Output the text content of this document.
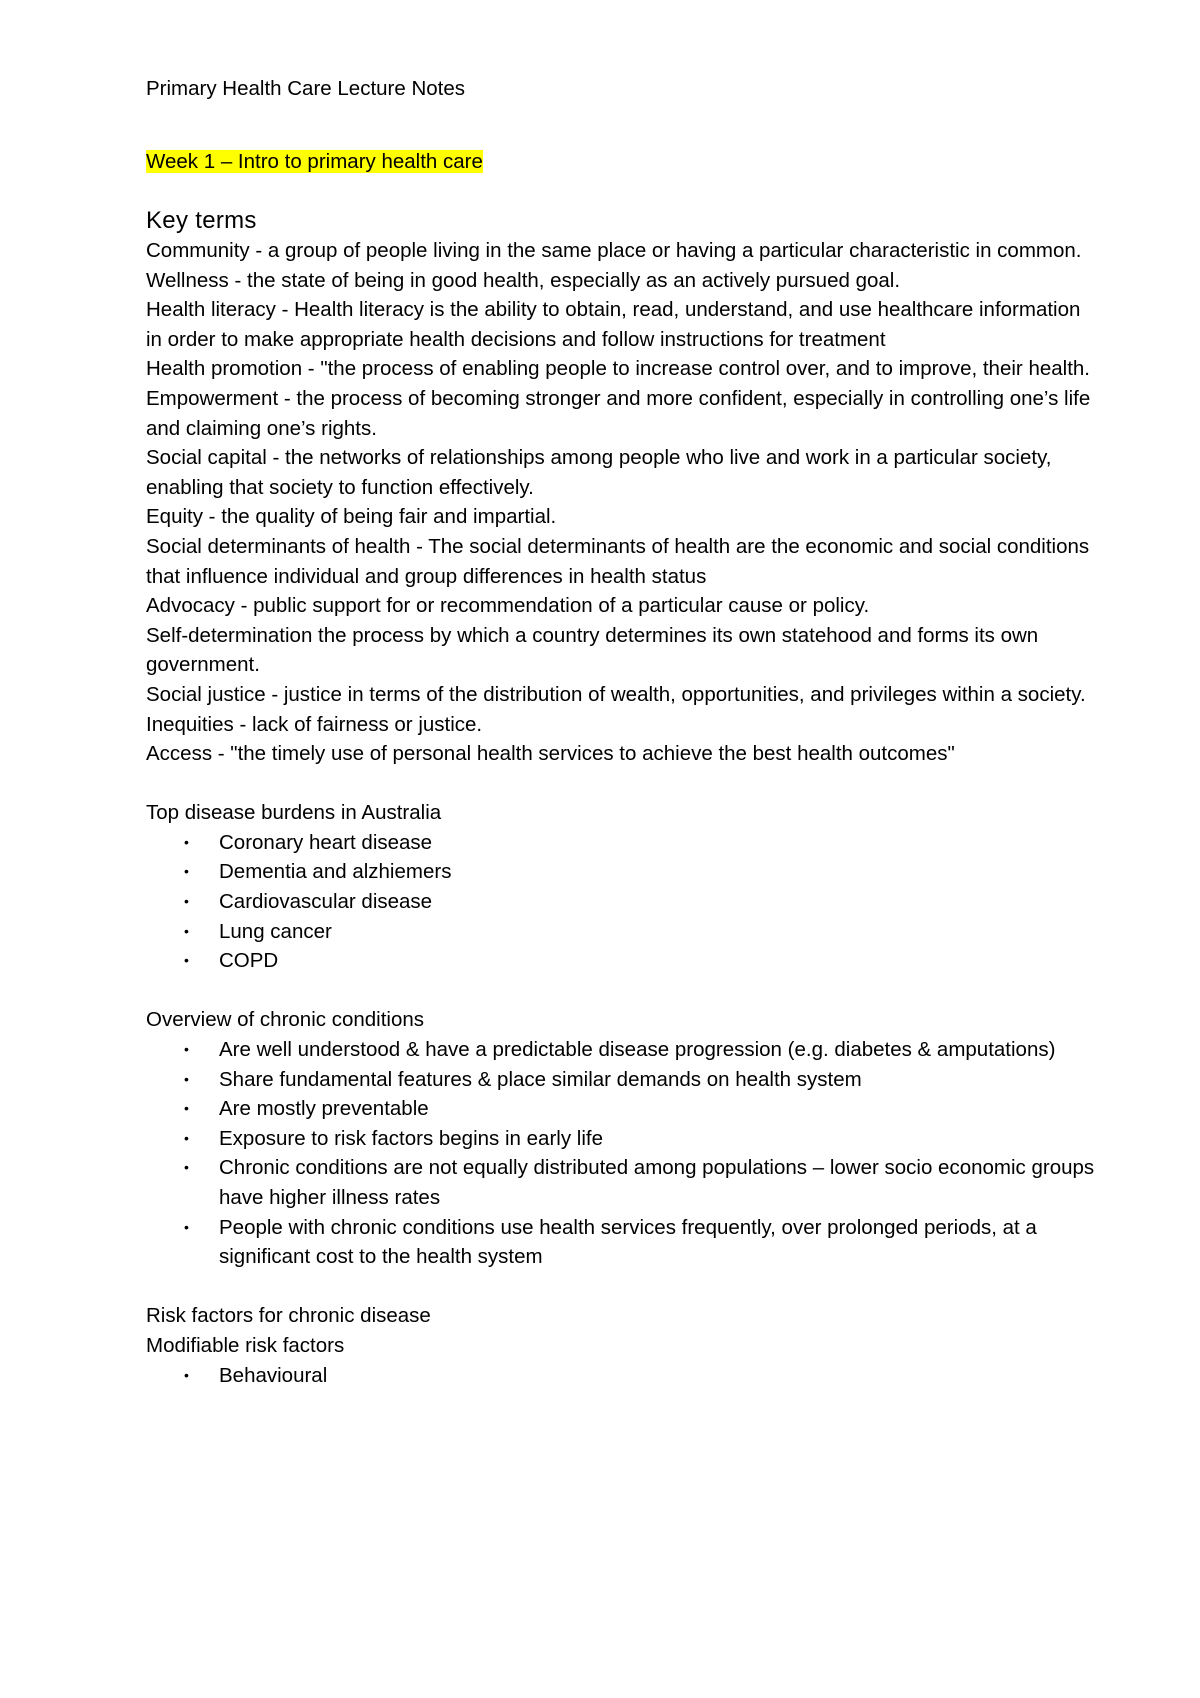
Primary Health Care Lecture Notes

Week 1 – Intro to primary health care

Key terms

Community - a group of people living in the same place or having a particular characteristic in common.

Wellness - the state of being in good health, especially as an actively pursued goal.

Health literacy - Health literacy is the ability to obtain, read, understand, and use healthcare information in order to make appropriate health decisions and follow instructions for treatment

Health promotion - "the process of enabling people to increase control over, and to improve, their health.

Empowerment - the process of becoming stronger and more confident, especially in controlling one’s life and claiming one’s rights.

Social capital - the networks of relationships among people who live and work in a particular society, enabling that society to function effectively.

Equity - the quality of being fair and impartial.

Social determinants of health - The social determinants of health are the economic and social conditions that influence individual and group differences in health status

Advocacy - public support for or recommendation of a particular cause or policy.

Self-determination the process by which a country determines its own statehood and forms its own government.

Social justice - justice in terms of the distribution of wealth, opportunities, and privileges within a society.

Inequities - lack of fairness or justice.

Access - "the timely use of personal health services to achieve the best health outcomes"

Top disease burdens in Australia

• Coronary heart disease
• Dementia and alzhiemers
• Cardiovascular disease
• Lung cancer
• COPD

Overview of chronic conditions

• Are well understood & have a predictable disease progression (e.g. diabetes & amputations)
• Share fundamental features & place similar demands on health system
• Are mostly preventable
• Exposure to risk factors begins in early life
• Chronic conditions are not equally distributed among populations – lower socio economic groups have higher illness rates
• People with chronic conditions use health services frequently, over prolonged periods, at a significant cost to the health system

Risk factors for chronic disease

Modifiable risk factors

• Behavioural
